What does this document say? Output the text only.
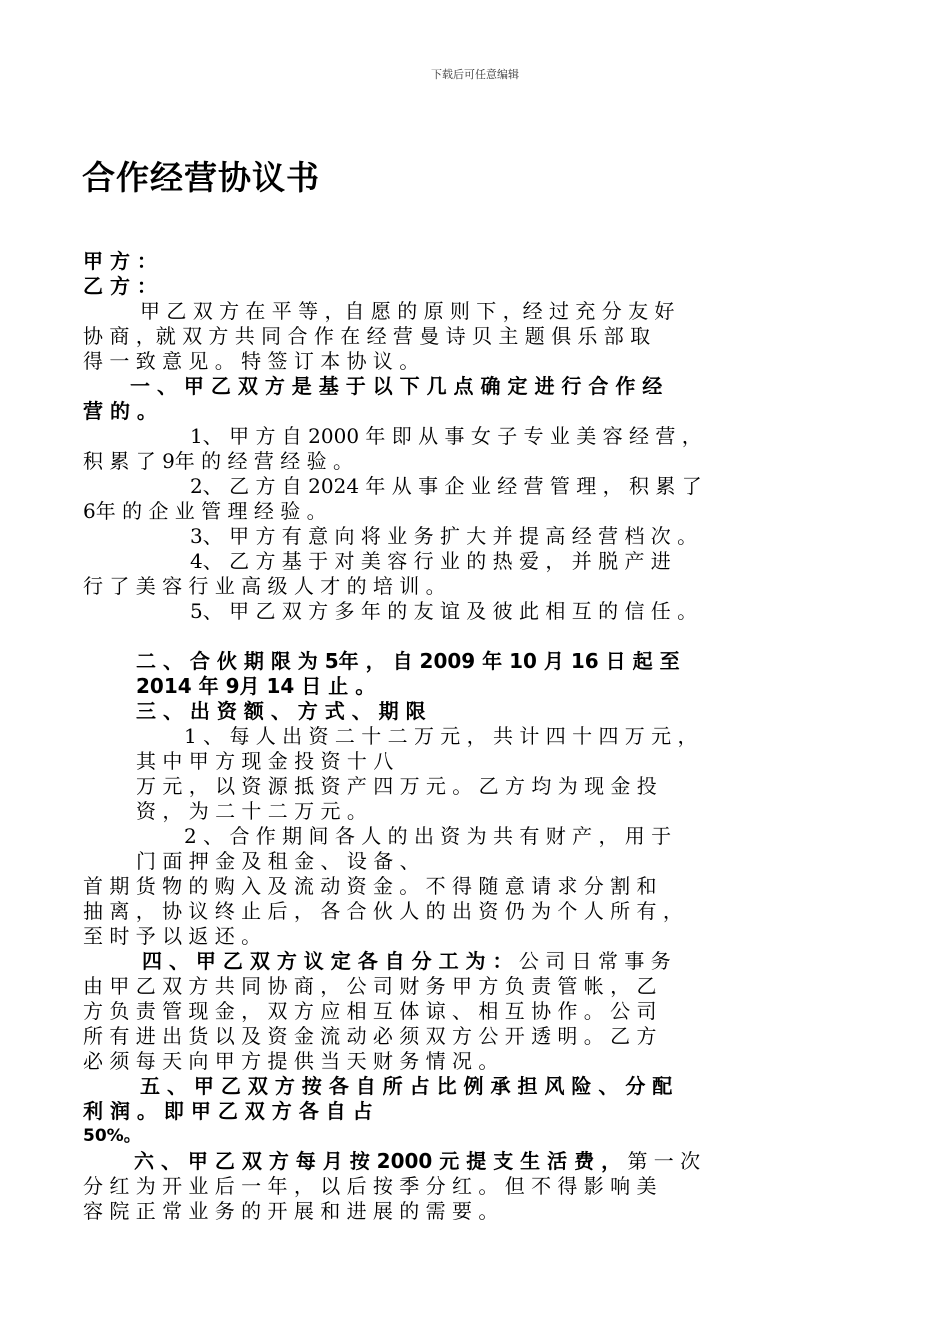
下载后可任意编辑
合作经营协议书
甲 方 ：
乙 方 ：
甲 乙 双 方 在 平 等 ，自 愿 的 原 则 下 ，经 过 充 分 友 好
协 商 ，就 双 方 共 同 合 作 在 经 营 曼 诗 贝 主 题 俱 乐 部 取
得 一 致 意 见 。 特 签 订 本 协 议 。
一 、 甲 乙 双 方 是 基 于 以 下 几 点 确 定 进 行 合 作 经
营 的 。
1、 甲 方 自 2000 年 即 从 事 女 子 专 业 美 容 经 营 ，
积 累 了 9年 的 经 营 经 验 。
2、 乙 方 自 2024 年 从 事 企 业 经 营 管 理 ， 积 累 了
6年 的 企 业 管 理 经 验 。
3、 甲 方 有 意 向 将 业 务 扩 大 并 提 高 经 营 档 次 。
4、 乙 方 基 于 对 美 容 行 业 的 热 爱 ， 并 脱 产 进
行 了 美 容 行 业 高 级 人 才 的 培 训 。
5、 甲 乙 双 方 多 年 的 友 谊 及 彼 此 相 互 的 信 任 。
二 、 合 伙 期 限 为 5年 ， 自 2009 年 10 月 16 日 起 至
2014 年 9月 14 日 止 。
三 、 出 资 额 、 方 式 、 期 限
1 、 每 人 出 资 二 十 二 万 元 ， 共 计 四 十 四 万 元 ，
其 中 甲 方 现 金 投 资 十 八
万 元 ， 以 资 源 抵 资 产 四 万 元 。 乙 方 均 为 现 金 投
资 ， 为 二 十 二 万 元 。
2 、 合 作 期 间 各 人 的 出 资 为 共 有 财 产 ， 用 于
门 面 押 金 及 租 金 、 设 备 、
首 期 货 物 的 购 入 及 流 动 资 金 。 不 得 随 意 请 求 分 割 和
抽 离 ， 协 议 终 止 后 ， 各 合 伙 人 的 出 资 仍 为 个 人 所 有 ，
至 时 予 以 返 还 。
四 、 甲 乙 双 方 议 定 各 自 分 工 为 ： 公 司 日 常 事 务
由 甲 乙 双 方 共 同 协 商 ， 公 司 财 务 甲 方 负 责 管 帐 ， 乙
方 负 责 管 现 金 ， 双 方 应 相 互 体 谅 、 相 互 协 作 。 公 司
所 有 进 出 货 以 及 资 金 流 动 必 须 双 方 公 开 透 明 。 乙 方
必 须 每 天 向 甲 方 提 供 当 天 财 务 情 况 。
五 、 甲 乙 双 方 按 各 自 所 占 比 例 承 担 风 险 、 分 配
利 润 。 即 甲 乙 双 方 各 自 占
50%。
六 、 甲 乙 双 方 每 月 按 2000 元 提 支 生 活 费 ， 第 一 次
分 红 为 开 业 后 一 年 ， 以 后 按 季 分 红 。 但 不 得 影 响 美
容 院 正 常 业 务 的 开 展 和 进 展 的 需 要 。
